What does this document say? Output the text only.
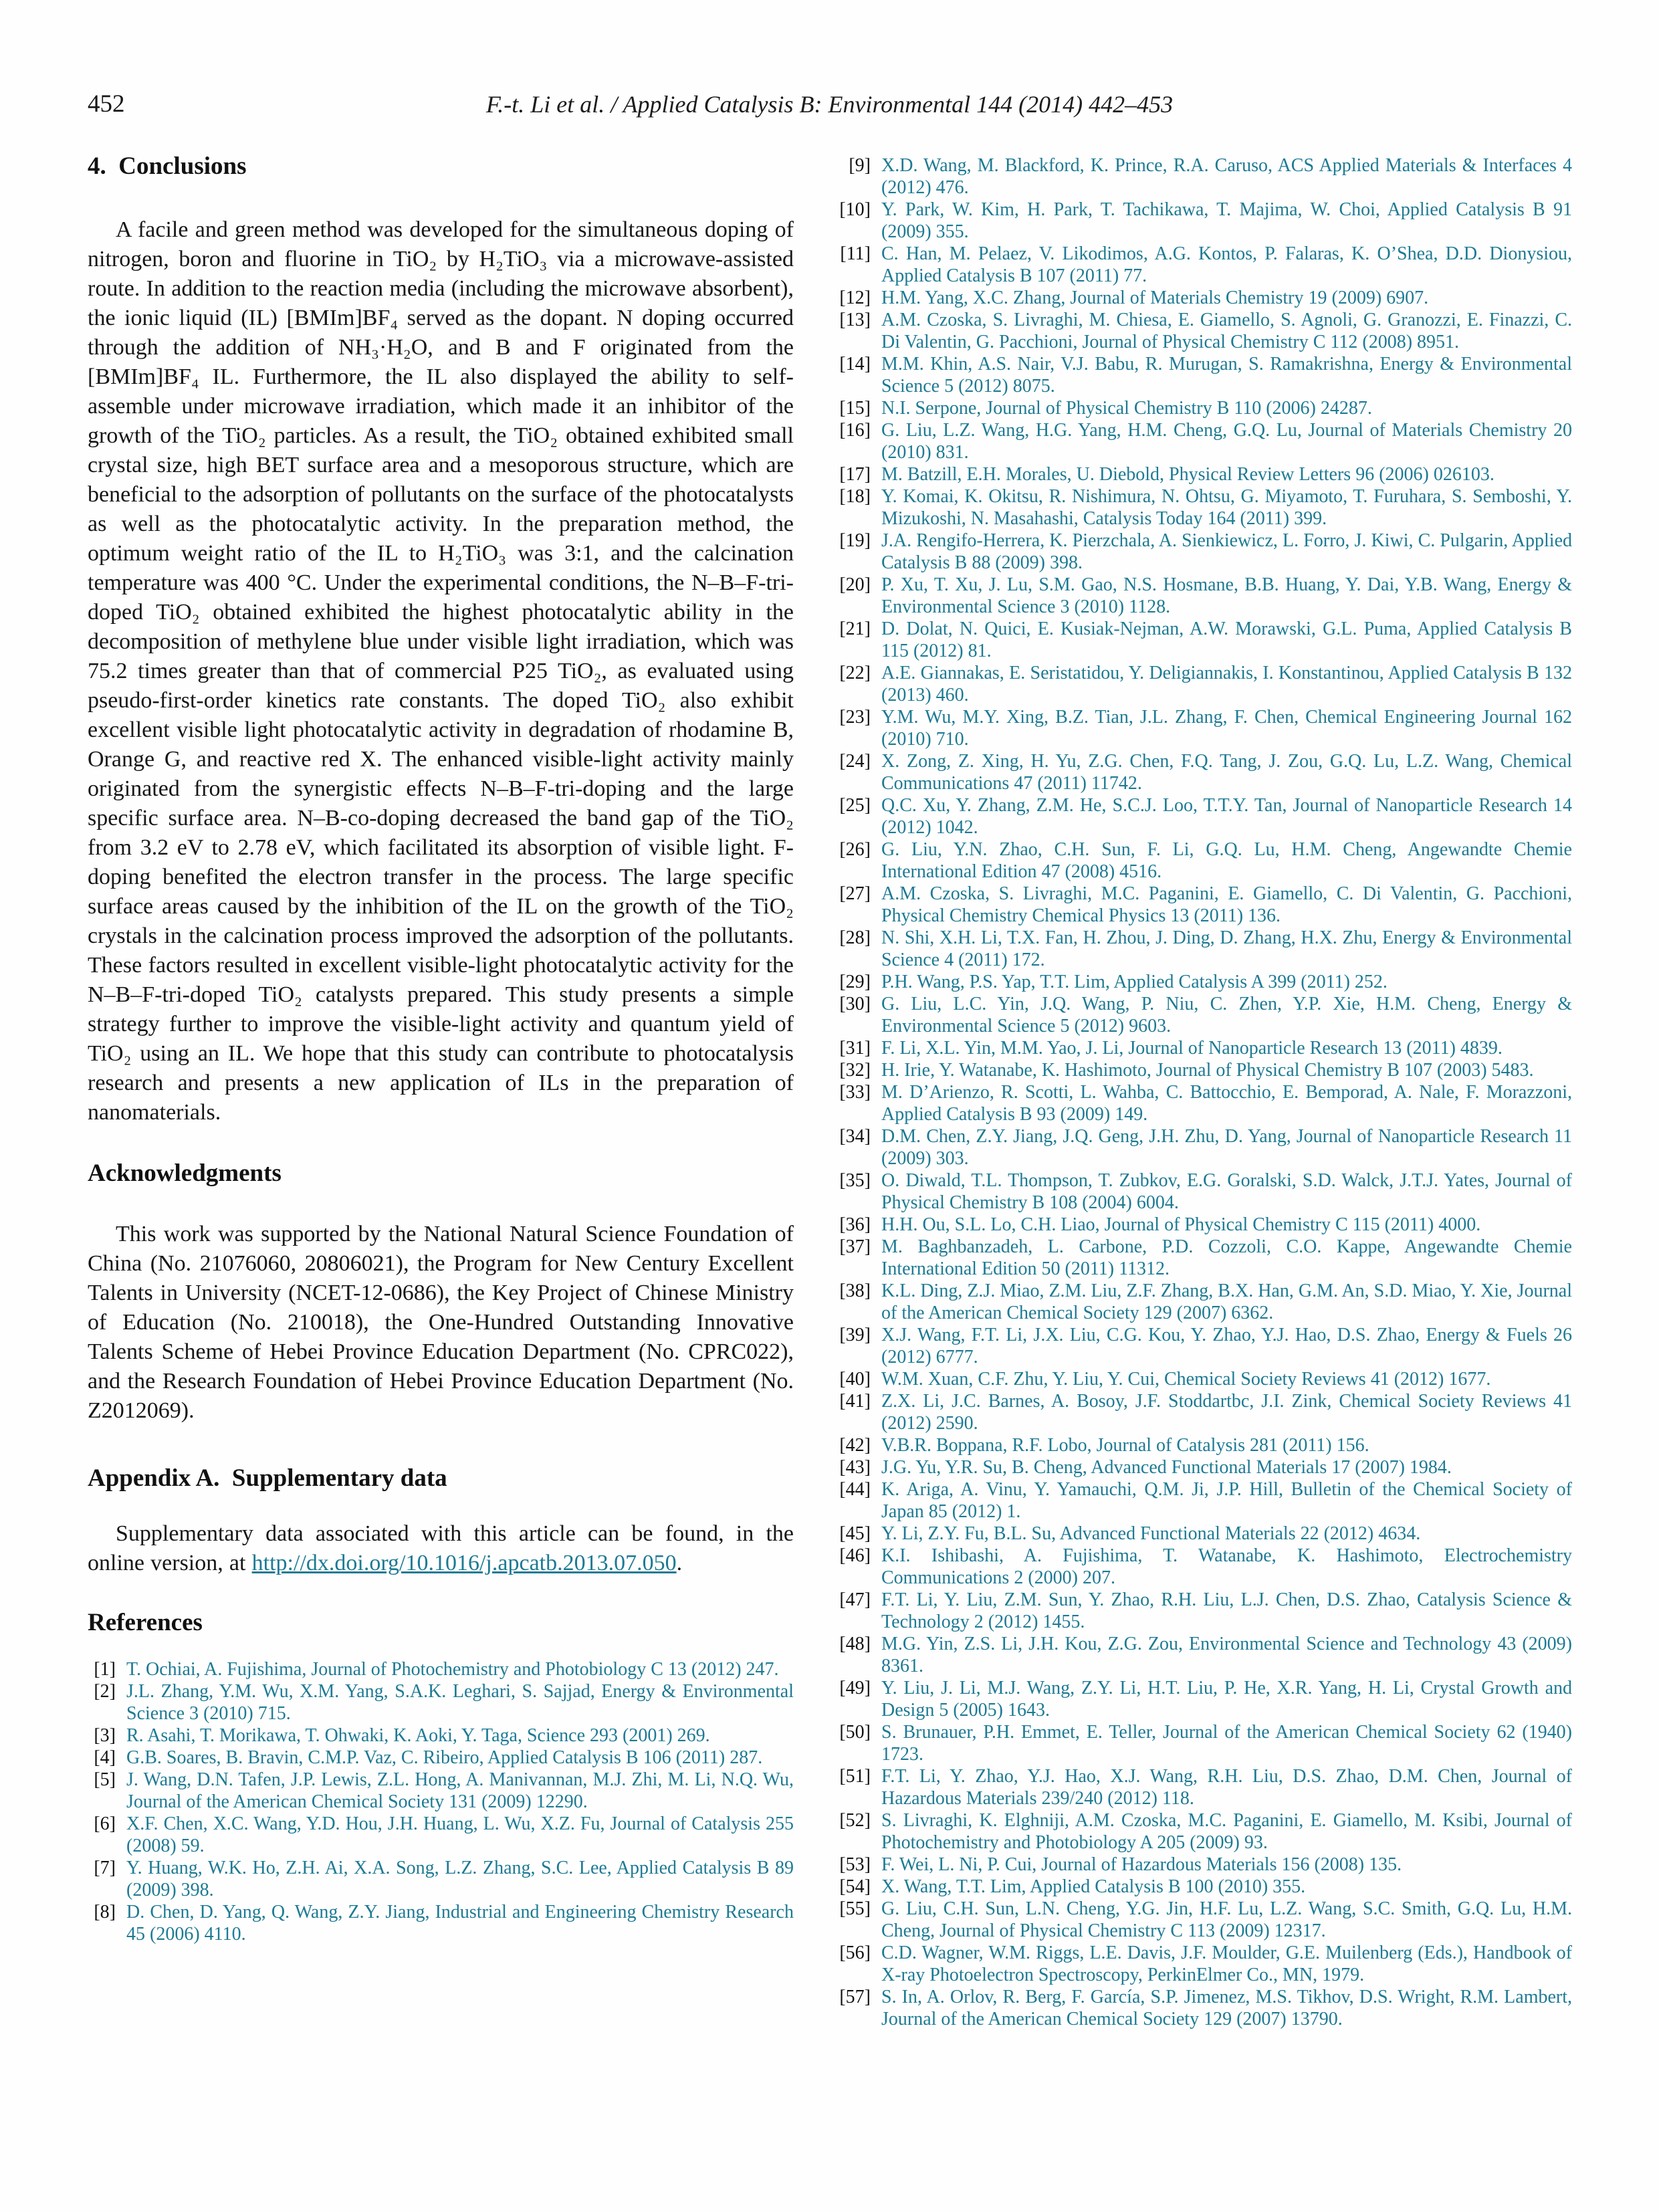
452	F.-t. Li et al. / Applied Catalysis B: Environmental 144 (2014) 442–453
4.  Conclusions

A facile and green method was developed for the simultaneous doping of nitrogen, boron and fluorine in TiO₂ by H₂TiO₃ via a microwave-assisted route. In addition to the reaction media (including the microwave absorbent), the ionic liquid (IL) [BMIm]BF₄ served as the dopant. N doping occurred through the addition of NH₃·H₂O, and B and F originated from the [BMIm]BF₄ IL. Furthermore, the IL also displayed the ability to self-assemble under microwave irradiation, which made it an inhibitor of the growth of the TiO₂ particles. As a result, the TiO₂ obtained exhibited small crystal size, high BET surface area and a mesoporous structure, which are beneficial to the adsorption of pollutants on the surface of the photocatalysts as well as the photocatalytic activity. In the preparation method, the optimum weight ratio of the IL to H₂TiO₃ was 3:1, and the calcination temperature was 400 °C. Under the experimental conditions, the N–B–F-tri-doped TiO₂ obtained exhibited the highest photocatalytic ability in the decomposition of methylene blue under visible light irradiation, which was 75.2 times greater than that of commercial P25 TiO₂, as evaluated using pseudo-first-order kinetics rate constants. The doped TiO₂ also exhibit excellent visible light photocatalytic activity in degradation of rhodamine B, Orange G, and reactive red X. The enhanced visible-light activity mainly originated from the synergistic effects N–B–F-tri-doping and the large specific surface area. N–B-co-doping decreased the band gap of the TiO₂ from 3.2 eV to 2.78 eV, which facilitated its absorption of visible light. F-doping benefited the electron transfer in the process. The large specific surface areas caused by the inhibition of the IL on the growth of the TiO₂ crystals in the calcination process improved the adsorption of the pollutants. These factors resulted in excellent visible-light photocatalytic activity for the N–B–F-tri-doped TiO₂ catalysts prepared. This study presents a simple strategy further to improve the visible-light activity and quantum yield of TiO₂ using an IL. We hope that this study can contribute to photocatalysis research and presents a new application of ILs in the preparation of nanomaterials.

Acknowledgments

This work was supported by the National Natural Science Foundation of China (No. 21076060, 20806021), the Program for New Century Excellent Talents in University (NCET-12-0686), the Key Project of Chinese Ministry of Education (No. 210018), the One-Hundred Outstanding Innovative Talents Scheme of Hebei Province Education Department (No. CPRC022), and the Research Foundation of Hebei Province Education Department (No. Z2012069).

Appendix A.  Supplementary data

Supplementary data associated with this article can be found, in the online version, at http://dx.doi.org/10.1016/j.apcatb.2013.07.050.

References
[1] T. Ochiai, A. Fujishima, Journal of Photochemistry and Photobiology C 13 (2012) 247.
[2] J.L. Zhang, Y.M. Wu, X.M. Yang, S.A.K. Leghari, S. Sajjad, Energy & Environmental Science 3 (2010) 715.
[3] R. Asahi, T. Morikawa, T. Ohwaki, K. Aoki, Y. Taga, Science 293 (2001) 269.
[4] G.B. Soares, B. Bravin, C.M.P. Vaz, C. Ribeiro, Applied Catalysis B 106 (2011) 287.
[5] J. Wang, D.N. Tafen, J.P. Lewis, Z.L. Hong, A. Manivannan, M.J. Zhi, M. Li, N.Q. Wu, Journal of the American Chemical Society 131 (2009) 12290.
[6] X.F. Chen, X.C. Wang, Y.D. Hou, J.H. Huang, L. Wu, X.Z. Fu, Journal of Catalysis 255 (2008) 59.
[7] Y. Huang, W.K. Ho, Z.H. Ai, X.A. Song, L.Z. Zhang, S.C. Lee, Applied Catalysis B 89 (2009) 398.
[8] D. Chen, D. Yang, Q. Wang, Z.Y. Jiang, Industrial and Engineering Chemistry Research 45 (2006) 4110.
[9] X.D. Wang, M. Blackford, K. Prince, R.A. Caruso, ACS Applied Materials & Interfaces 4 (2012) 476.
[10] Y. Park, W. Kim, H. Park, T. Tachikawa, T. Majima, W. Choi, Applied Catalysis B 91 (2009) 355.
[11] C. Han, M. Pelaez, V. Likodimos, A.G. Kontos, P. Falaras, K. O’Shea, D.D. Dionysiou, Applied Catalysis B 107 (2011) 77.
[12] H.M. Yang, X.C. Zhang, Journal of Materials Chemistry 19 (2009) 6907.
[13] A.M. Czoska, S. Livraghi, M. Chiesa, E. Giamello, S. Agnoli, G. Granozzi, E. Finazzi, C. Di Valentin, G. Pacchioni, Journal of Physical Chemistry C 112 (2008) 8951.
[14] M.M. Khin, A.S. Nair, V.J. Babu, R. Murugan, S. Ramakrishna, Energy & Environmental Science 5 (2012) 8075.
[15] N.I. Serpone, Journal of Physical Chemistry B 110 (2006) 24287.
[16] G. Liu, L.Z. Wang, H.G. Yang, H.M. Cheng, G.Q. Lu, Journal of Materials Chemistry 20 (2010) 831.
[17] M. Batzill, E.H. Morales, U. Diebold, Physical Review Letters 96 (2006) 026103.
[18] Y. Komai, K. Okitsu, R. Nishimura, N. Ohtsu, G. Miyamoto, T. Furuhara, S. Semboshi, Y. Mizukoshi, N. Masahashi, Catalysis Today 164 (2011) 399.
[19] J.A. Rengifo-Herrera, K. Pierzchala, A. Sienkiewicz, L. Forro, J. Kiwi, C. Pulgarin, Applied Catalysis B 88 (2009) 398.
[20] P. Xu, T. Xu, J. Lu, S.M. Gao, N.S. Hosmane, B.B. Huang, Y. Dai, Y.B. Wang, Energy & Environmental Science 3 (2010) 1128.
[21] D. Dolat, N. Quici, E. Kusiak-Nejman, A.W. Morawski, G.L. Puma, Applied Catalysis B 115 (2012) 81.
[22] A.E. Giannakas, E. Seristatidou, Y. Deligiannakis, I. Konstantinou, Applied Catalysis B 132 (2013) 460.
[23] Y.M. Wu, M.Y. Xing, B.Z. Tian, J.L. Zhang, F. Chen, Chemical Engineering Journal 162 (2010) 710.
[24] X. Zong, Z. Xing, H. Yu, Z.G. Chen, F.Q. Tang, J. Zou, G.Q. Lu, L.Z. Wang, Chemical Communications 47 (2011) 11742.
[25] Q.C. Xu, Y. Zhang, Z.M. He, S.C.J. Loo, T.T.Y. Tan, Journal of Nanoparticle Research 14 (2012) 1042.
[26] G. Liu, Y.N. Zhao, C.H. Sun, F. Li, G.Q. Lu, H.M. Cheng, Angewandte Chemie International Edition 47 (2008) 4516.
[27] A.M. Czoska, S. Livraghi, M.C. Paganini, E. Giamello, C. Di Valentin, G. Pacchioni, Physical Chemistry Chemical Physics 13 (2011) 136.
[28] N. Shi, X.H. Li, T.X. Fan, H. Zhou, J. Ding, D. Zhang, H.X. Zhu, Energy & Environmental Science 4 (2011) 172.
[29] P.H. Wang, P.S. Yap, T.T. Lim, Applied Catalysis A 399 (2011) 252.
[30] G. Liu, L.C. Yin, J.Q. Wang, P. Niu, C. Zhen, Y.P. Xie, H.M. Cheng, Energy & Environmental Science 5 (2012) 9603.
[31] F. Li, X.L. Yin, M.M. Yao, J. Li, Journal of Nanoparticle Research 13 (2011) 4839.
[32] H. Irie, Y. Watanabe, K. Hashimoto, Journal of Physical Chemistry B 107 (2003) 5483.
[33] M. D’Arienzo, R. Scotti, L. Wahba, C. Battocchio, E. Bemporad, A. Nale, F. Morazzoni, Applied Catalysis B 93 (2009) 149.
[34] D.M. Chen, Z.Y. Jiang, J.Q. Geng, J.H. Zhu, D. Yang, Journal of Nanoparticle Research 11 (2009) 303.
[35] O. Diwald, T.L. Thompson, T. Zubkov, E.G. Goralski, S.D. Walck, J.T.J. Yates, Journal of Physical Chemistry B 108 (2004) 6004.
[36] H.H. Ou, S.L. Lo, C.H. Liao, Journal of Physical Chemistry C 115 (2011) 4000.
[37] M. Baghbanzadeh, L. Carbone, P.D. Cozzoli, C.O. Kappe, Angewandte Chemie International Edition 50 (2011) 11312.
[38] K.L. Ding, Z.J. Miao, Z.M. Liu, Z.F. Zhang, B.X. Han, G.M. An, S.D. Miao, Y. Xie, Journal of the American Chemical Society 129 (2007) 6362.
[39] X.J. Wang, F.T. Li, J.X. Liu, C.G. Kou, Y. Zhao, Y.J. Hao, D.S. Zhao, Energy & Fuels 26 (2012) 6777.
[40] W.M. Xuan, C.F. Zhu, Y. Liu, Y. Cui, Chemical Society Reviews 41 (2012) 1677.
[41] Z.X. Li, J.C. Barnes, A. Bosoy, J.F. Stoddartbc, J.I. Zink, Chemical Society Reviews 41 (2012) 2590.
[42] V.B.R. Boppana, R.F. Lobo, Journal of Catalysis 281 (2011) 156.
[43] J.G. Yu, Y.R. Su, B. Cheng, Advanced Functional Materials 17 (2007) 1984.
[44] K. Ariga, A. Vinu, Y. Yamauchi, Q.M. Ji, J.P. Hill, Bulletin of the Chemical Society of Japan 85 (2012) 1.
[45] Y. Li, Z.Y. Fu, B.L. Su, Advanced Functional Materials 22 (2012) 4634.
[46] K.I. Ishibashi, A. Fujishima, T. Watanabe, K. Hashimoto, Electrochemistry Communications 2 (2000) 207.
[47] F.T. Li, Y. Liu, Z.M. Sun, Y. Zhao, R.H. Liu, L.J. Chen, D.S. Zhao, Catalysis Science & Technology 2 (2012) 1455.
[48] M.G. Yin, Z.S. Li, J.H. Kou, Z.G. Zou, Environmental Science and Technology 43 (2009) 8361.
[49] Y. Liu, J. Li, M.J. Wang, Z.Y. Li, H.T. Liu, P. He, X.R. Yang, H. Li, Crystal Growth and Design 5 (2005) 1643.
[50] S. Brunauer, P.H. Emmet, E. Teller, Journal of the American Chemical Society 62 (1940) 1723.
[51] F.T. Li, Y. Zhao, Y.J. Hao, X.J. Wang, R.H. Liu, D.S. Zhao, D.M. Chen, Journal of Hazardous Materials 239/240 (2012) 118.
[52] S. Livraghi, K. Elghniji, A.M. Czoska, M.C. Paganini, E. Giamello, M. Ksibi, Journal of Photochemistry and Photobiology A 205 (2009) 93.
[53] F. Wei, L. Ni, P. Cui, Journal of Hazardous Materials 156 (2008) 135.
[54] X. Wang, T.T. Lim, Applied Catalysis B 100 (2010) 355.
[55] G. Liu, C.H. Sun, L.N. Cheng, Y.G. Jin, H.F. Lu, L.Z. Wang, S.C. Smith, G.Q. Lu, H.M. Cheng, Journal of Physical Chemistry C 113 (2009) 12317.
[56] C.D. Wagner, W.M. Riggs, L.E. Davis, J.F. Moulder, G.E. Muilenberg (Eds.), Handbook of X-ray Photoelectron Spectroscopy, PerkinElmer Co., MN, 1979.
[57] S. In, A. Orlov, R. Berg, F. García, S.P. Jimenez, M.S. Tikhov, D.S. Wright, R.M. Lambert, Journal of the American Chemical Society 129 (2007) 13790.
